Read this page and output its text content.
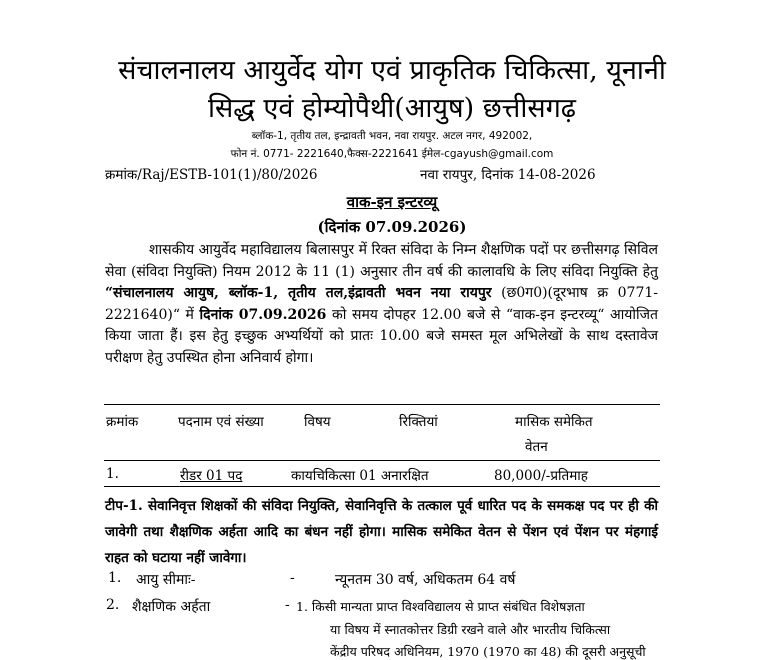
संचालनालय आयुर्वेद योग एवं प्राकृतिक चिकित्सा, यूनानी
सिद्ध एवं होम्योपैथी(आयुष) छत्तीसगढ़
ब्लॉक-1, तृतीय तल, इन्द्रावती भवन, नवा रायपुर. अटल नगर, 492002,
फोन नं. 0771- 2221640,फैक्स-2221641 ईमेल-cgayush@gmail.com
क्रमांक/Raj/ESTB-101(1)/80/2026	नवा रायपुर, दिनांक 14-08-2026
वाक-इन इन्टरव्यू
(दिनांक 07.09.2026)
शासकीय आयुर्वेद महाविद्यालय बिलासपुर में रिक्त संविदा के निम्न शैक्षणिक पदों पर छत्तीसगढ़ सिविल सेवा (संविदा नियुक्ति) नियम 2012 के 11 (1) अनुसार तीन वर्ष की कालावधि के लिए संविदा नियुक्ति हेतु “संचालनालय आयुष, ब्लॉक-1, तृतीय तल,इंद्रावती भवन नया रायपुर (छ0ग0)(दूरभाष क्र 0771- 2221640)“ में दिनांक 07.09.2026 को समय दोपहर 12.00 बजे से “वाक-इन इन्टरव्यू“ आयोजित किया जाता हैं। इस हेतु इच्छुक अभ्यर्थियों को प्रातः 10.00 बजे समस्त मूल अभिलेखों के साथ दस्तावेज परीक्षण हेतु उपस्थित होना अनिवार्य होगा।
क्रमांक	पदनाम एवं संख्या	विषय	रिक्तियां	मासिक समेकित
वेतन
1.	रीडर 01 पद	कायचिकित्सा 01 अनारक्षित	80,000/-प्रतिमाह
टीप-1. सेवानिवृत्त शिक्षकों की संविदा नियुक्ति, सेवानिवृत्ति के तत्काल पूर्व धारित पद के समकक्ष पद पर ही की जावेगी तथा शैक्षणिक अर्हता आदि का बंधन नहीं होगा। मासिक समेकित वेतन से पेंशन एवं पेंशन पर मंहगाई राहत को घटाया नहीं जावेगा।
1. आयु सीमाः-	-	न्यूनतम 30 वर्ष, अधिकतम 64 वर्ष
2. शैक्षणिक अर्हता	- 1. किसी मान्यता प्राप्त विश्वविद्यालय से प्राप्त संबंधित विशेषज्ञता
या विषय में स्नातकोत्तर डिग्री रखने वाले और भारतीय चिकित्सा
केंद्रीय परिषद अधिनियम, 1970 (1970 का 48) की दूसरी अनुसूची
